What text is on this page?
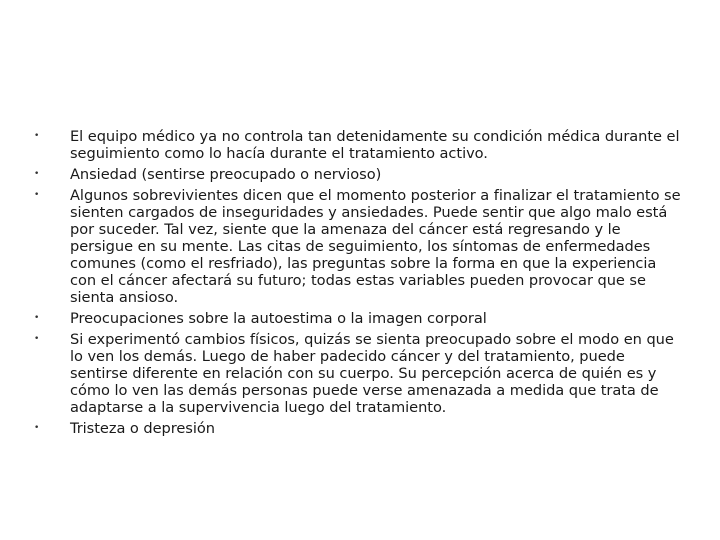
•	El equipo médico ya no controla tan detenidamente su condición médica durante el seguimiento como lo hacía durante el tratamiento activo.
•	Ansiedad (sentirse preocupado o nervioso)
•	Algunos sobrevivientes dicen que el momento posterior a finalizar el tratamiento se sienten cargados de inseguridades y ansiedades. Puede sentir que algo malo está por suceder. Tal vez, siente que la amenaza del cáncer está regresando y le persigue en su mente. Las citas de seguimiento, los síntomas de enfermedades comunes (como el resfriado), las preguntas sobre la forma en que la experiencia con el cáncer afectará su futuro; todas estas variables pueden provocar que se sienta ansioso.
•	Preocupaciones sobre la autoestima o la imagen corporal
•	Si experimentó cambios físicos, quizás se sienta preocupado sobre el modo en que lo ven los demás. Luego de haber padecido cáncer y del tratamiento, puede sentirse diferente en relación con su cuerpo. Su percepción acerca de quién es y cómo lo ven las demás personas puede verse amenazada a medida que trata de adaptarse a la supervivencia luego del tratamiento.
•	Tristeza o depresión
